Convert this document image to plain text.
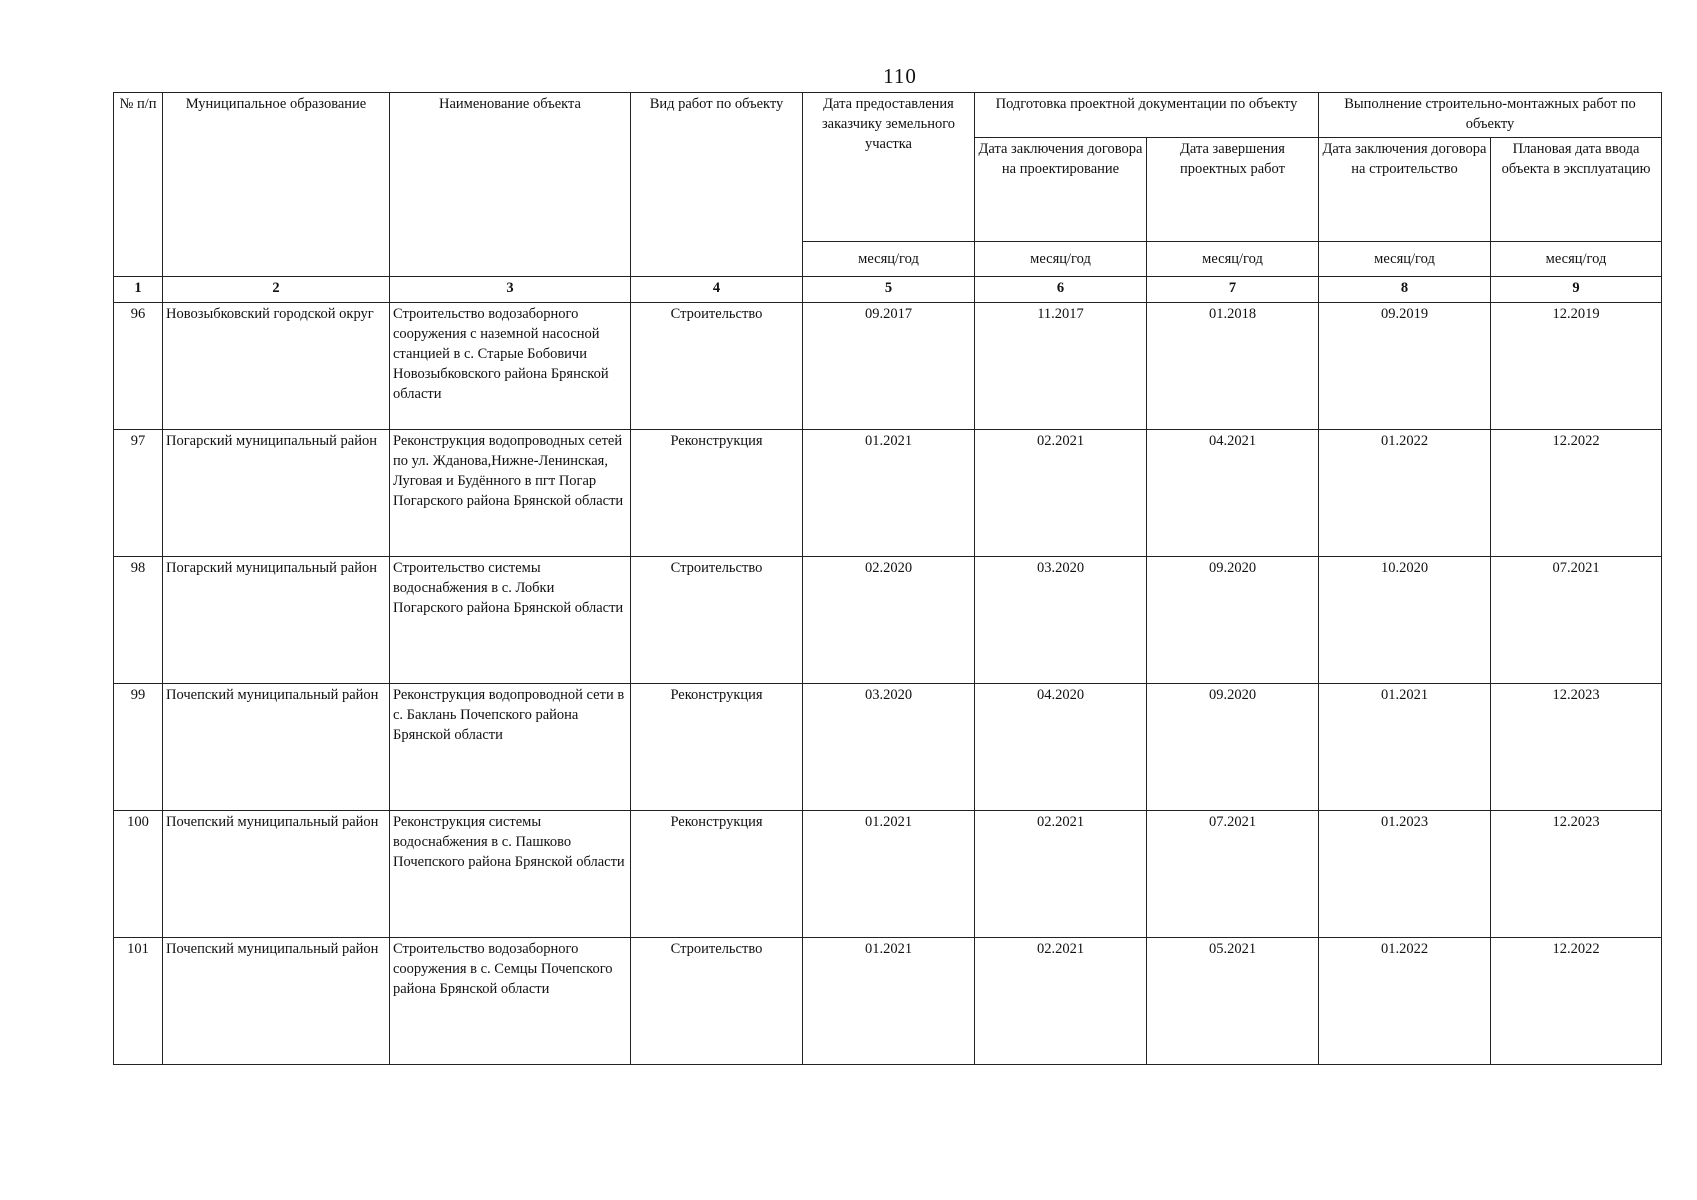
110
№ п/п	Муниципальное образование	Наименование объекта	Вид работ по объекту	Дата предоставления заказчику земельного участка	Подготовка проектной документации по объекту		Выполнение строительно-монтажных работ по объекту	
					Дата заключения договора на проектирование	Дата завершения проектных работ	Дата заключения договора на строительство	Плановая дата ввода объекта в эксплуатацию
				месяц/год	месяц/год	месяц/год	месяц/год	месяц/год
1	2	3	4	5	6	7	8	9
96	Новозыбковский городской округ	Строительство водозаборного сооружения с наземной насосной станцией в с. Старые Бобовичи Новозыбковского района Брянской области	Строительство	09.2017	11.2017	01.2018	09.2019	12.2019
97	Погарский муниципальный район	Реконструкция водопроводных сетей по ул. Жданова,Нижне-Ленинская, Луговая и Будённого в пгт Погар Погарского района Брянской области	Реконструкция	01.2021	02.2021	04.2021	01.2022	12.2022
98	Погарский муниципальный район	Строительство системы водоснабжения в с. Лобки Погарского района Брянской области	Строительство	02.2020	03.2020	09.2020	10.2020	07.2021
99	Почепский муниципальный район	Реконструкция водопроводной сети в с. Баклань Почепского района Брянской области	Реконструкция	03.2020	04.2020	09.2020	01.2021	12.2023
100	Почепский муниципальный район	Реконструкция системы водоснабжения в с. Пашково Почепского района Брянской области	Реконструкция	01.2021	02.2021	07.2021	01.2023	12.2023
101	Почепский муниципальный район	Строительство водозаборного сооружения в с. Семцы Почепского района Брянской области	Строительство	01.2021	02.2021	05.2021	01.2022	12.2022
